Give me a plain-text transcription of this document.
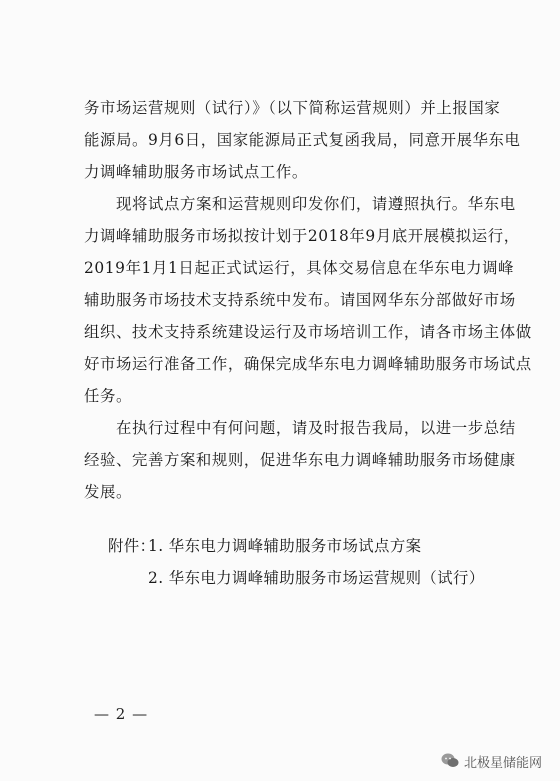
务市场运营规则（试行）》（以下简称运营规则）并上报国家
能源局。9月6日，国家能源局正式复函我局，同意开展华东电
力调峰辅助服务市场试点工作。
现将试点方案和运营规则印发你们，请遵照执行。华东电
力调峰辅助服务市场拟按计划于2018年9月底开展模拟运行，
2019年1月1日起正式试运行，具体交易信息在华东电力调峰
辅助服务市场技术支持系统中发布。请国网华东分部做好市场
组织、技术支持系统建设运行及市场培训工作，请各市场主体做
好市场运行准备工作，确保完成华东电力调峰辅助服务市场试点
任务。
在执行过程中有何问题，请及时报告我局，以进一步总结
经验、完善方案和规则，促进华东电力调峰辅助服务市场健康
发展。
附件：
1. 华东电力调峰辅助服务市场试点方案
2. 华东电力调峰辅助服务市场运营规则（试行）
— 2 —
北极星储能网
